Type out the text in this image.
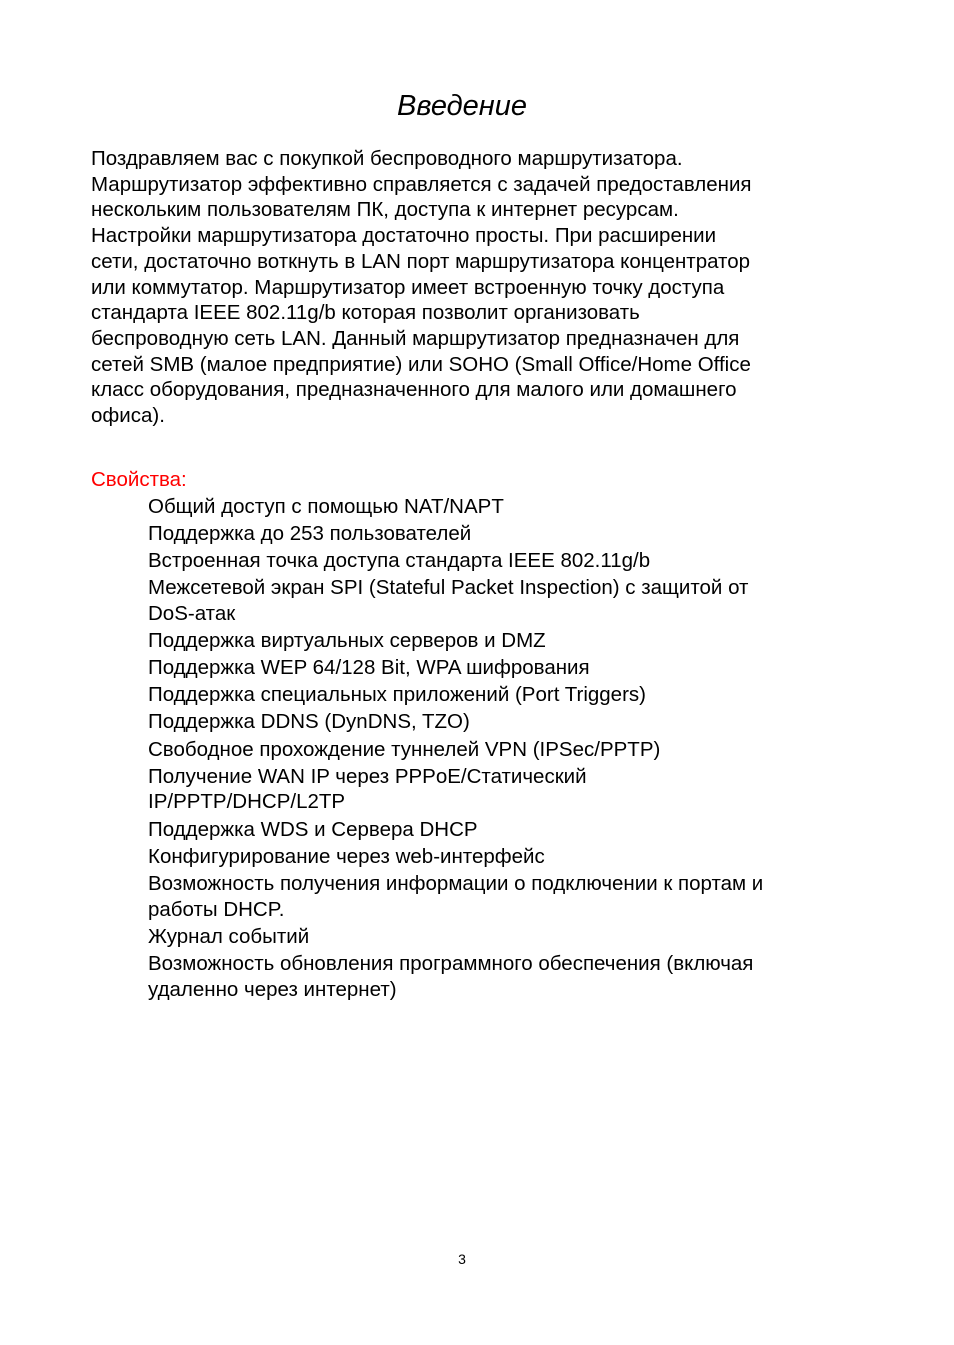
Введение
Поздравляем вас с покупкой беспроводного маршрутизатора.
Маршрутизатор эффективно справляется с задачей предоставления
нескольким пользователям ПК, доступа к интернет ресурсам.
Настройки маршрутизатора достаточно просты. При расширении
сети, достаточно воткнуть в LAN порт маршрутизатора концентратор
или коммутатор. Маршрутизатор имеет встроенную точку доступа
стандарта IEEE 802.11g/b которая позволит организовать
беспроводную сеть LAN. Данный маршрутизатор предназначен для
сетей SMB (малое предприятие) или SOHO (Small Office/Home Office
класс оборудования, предназначенного для малого или домашнего
офиса).
Свойства:
Общий доступ с помощью NAT/NAPT
Поддержка до 253 пользователей
Встроенная точка доступа стандарта IEEE 802.11g/b
Межсетевой экран SPI (Stateful Packet Inspection) с защитой от
DoS-атак
Поддержка виртуальных серверов и DMZ
Поддержка WEP 64/128 Bit, WPA шифрования
Поддержка специальных приложений (Port Triggers)
Поддержка DDNS (DynDNS, TZO)
Свободное прохождение туннелей VPN (IPSec/PPTP)
Получение WAN IP через PPPoE/Статический
IP/PPTP/DHCP/L2TP
Поддержка WDS и Сервера DHCP
Конфигурирование через web-интерфейс
Возможность получения информации о подключении к портам и
работы DHCP.
Журнал событий
Возможность обновления программного обеспечения (включая
удаленно через интернет)
3
